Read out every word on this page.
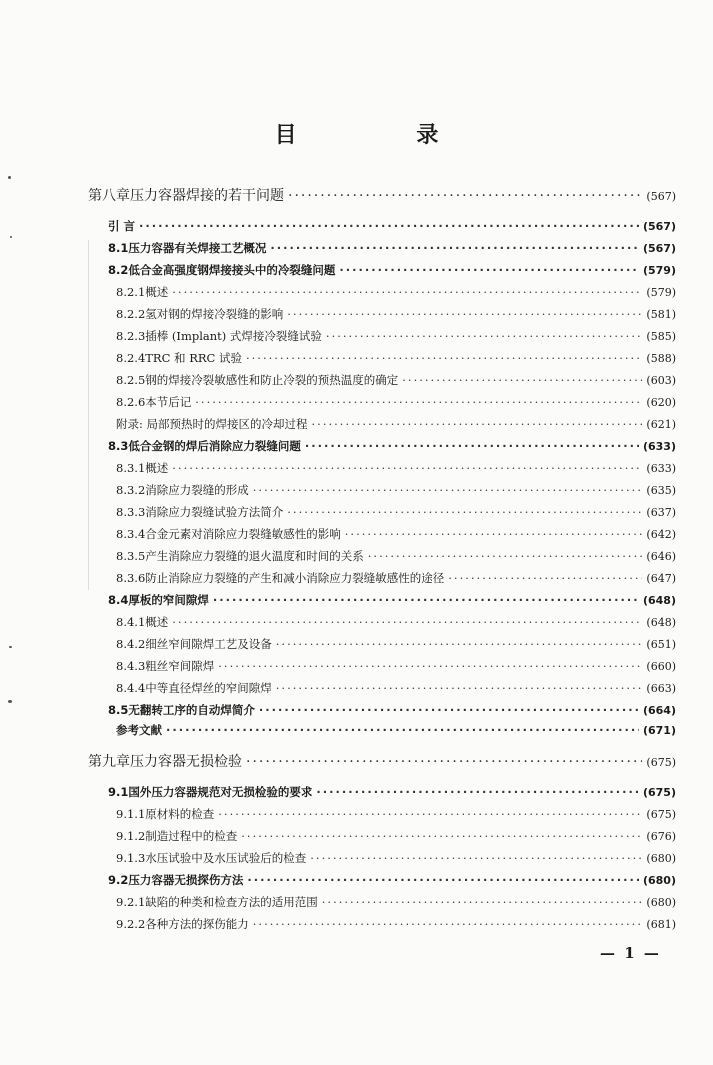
目 录
第八章 压力容器焊接的若干问题 ·····	(567)
引 言 ·····	(567)
8.1 压力容器有关焊接工艺概况 ·····	(567)
8.2 低合金高强度钢焊接接头中的冷裂缝问题 ·····	(579)
8.2.1 概述 ·····	(579)
8.2.2 氢对钢的焊接冷裂缝的影响 ·····	(581)
8.2.3 插棒 (Implant) 式焊接冷裂缝试验 ·····	(585)
8.2.4 TRC 和 RRC 试验 ·····	(588)
8.2.5 钢的焊接冷裂敏感性和防止冷裂的预热温度的确定 ·····	(603)
8.2.6 本节后记 ·····	(620)
附录: 局部预热时的焊接区的冷却过程 ·····	(621)
8.3 低合金钢的焊后消除应力裂缝问题 ·····	(633)
8.3.1 概述 ·····	(633)
8.3.2 消除应力裂缝的形成 ·····	(635)
8.3.3 消除应力裂缝试验方法简介 ·····	(637)
8.3.4 合金元素对消除应力裂缝敏感性的影响 ·····	(642)
8.3.5 产生消除应力裂缝的退火温度和时间的关系 ·····	(646)
8.3.6 防止消除应力裂缝的产生和减小消除应力裂缝敏感性的途径 ·····	(647)
8.4 厚板的窄间隙焊 ·····	(648)
8.4.1 概述 ·····	(648)
8.4.2 细丝窄间隙焊工艺及设备 ·····	(651)
8.4.3 粗丝窄间隙焊 ·····	(660)
8.4.4 中等直径焊丝的窄间隙焊 ·····	(663)
8.5 无翻转工序的自动焊简介 ·····	(664)
参考文献 ·····	(671)
第九章 压力容器无损检验 ·····	(675)
9.1 国外压力容器规范对无损检验的要求 ·····	(675)
9.1.1 原材料的检查 ·····	(675)
9.1.2 制造过程中的检查 ·····	(676)
9.1.3 水压试验中及水压试验后的检查 ·····	(680)
9.2 压力容器无损探伤方法 ·····	(680)
9.2.1 缺陷的种类和检查方法的适用范围 ·····	(680)
9.2.2 各种方法的探伤能力 ·····	(681)
— 1 —
